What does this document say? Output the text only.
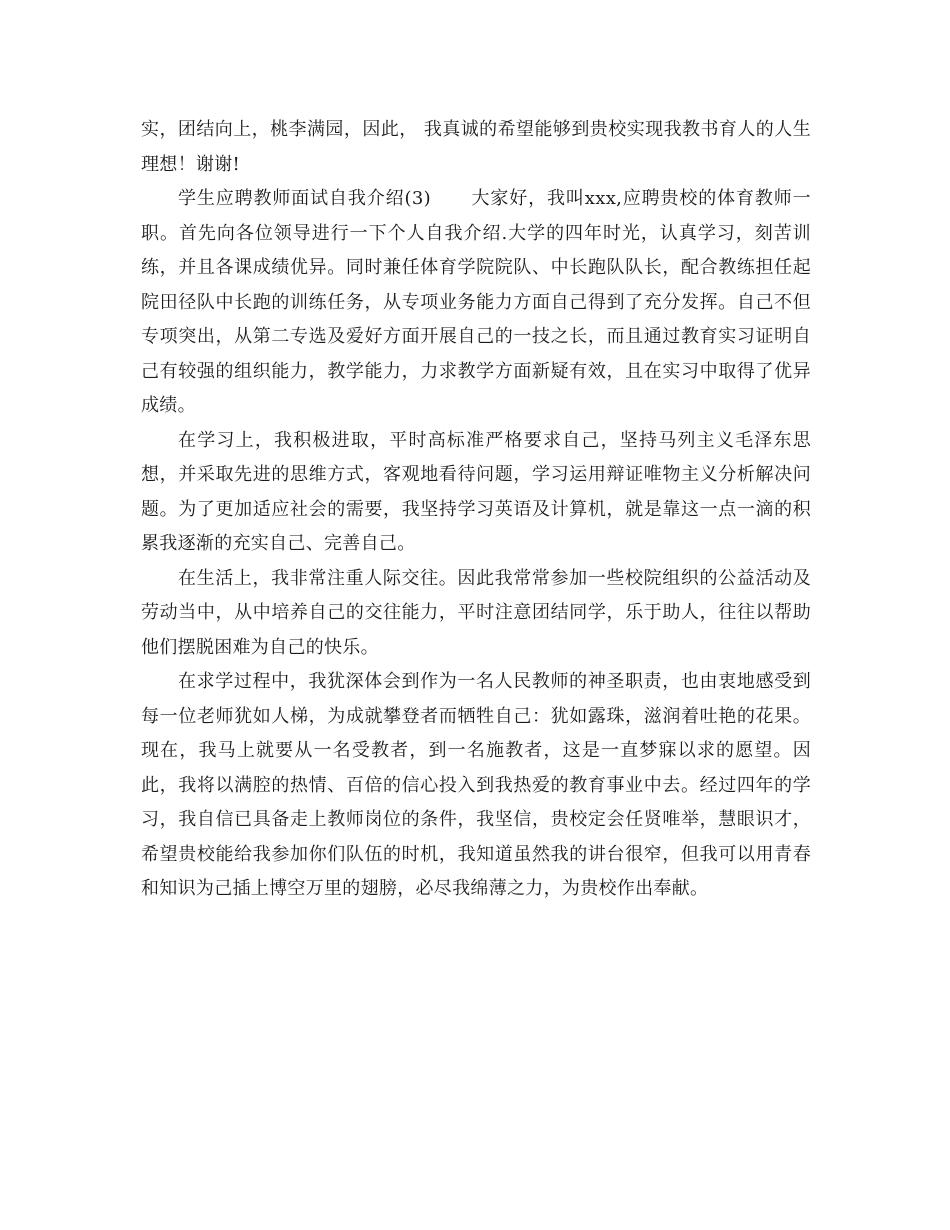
实，团结向上，桃李满园，因此， 我真诚的希望能够到贵校实现我教书育人的人生理想！谢谢!

学生应聘教师面试自我介绍(3) 大家好，我叫xxx,应聘贵校的体育教师一职。首先向各位领导进行一下个人自我介绍.大学的四年时光，认真学习，刻苦训练，并且各课成绩优异。同时兼任体育学院院队、中长跑队队长，配合教练担任起院田径队中长跑的训练任务，从专项业务能力方面自己得到了充分发挥。自己不但专项突出，从第二专选及爱好方面开展自己的一技之长，而且通过教育实习证明自己有较强的组织能力，教学能力，力求教学方面新疑有效，且在实习中取得了优异成绩。

在学习上，我积极进取，平时高标准严格要求自己，坚持马列主义毛泽东思想，并采取先进的思维方式，客观地看待问题，学习运用辩证唯物主义分析解决问题。为了更加适应社会的需要，我坚持学习英语及计算机，就是靠这一点一滴的积累我逐渐的充实自己、完善自己。

在生活上，我非常注重人际交往。因此我常常参加一些校院组织的公益活动及劳动当中，从中培养自己的交往能力，平时注意团结同学，乐于助人，往往以帮助他们摆脱困难为自己的快乐。

在求学过程中，我犹深体会到作为一名人民教师的神圣职责，也由衷地感受到每一位老师犹如人梯，为成就攀登者而牺牲自己：犹如露珠，滋润着吐艳的花果。现在，我马上就要从一名受教者，到一名施教者，这是一直梦寐以求的愿望。因此，我将以满腔的热情、百倍的信心投入到我热爱的教育事业中去。经过四年的学习，我自信已具备走上教师岗位的条件，我坚信，贵校定会任贤唯举，慧眼识才，希望贵校能给我参加你们队伍的时机，我知道虽然我的讲台很窄，但我可以用青春和知识为己插上博空万里的翅膀，必尽我绵薄之力，为贵校作出奉献。
